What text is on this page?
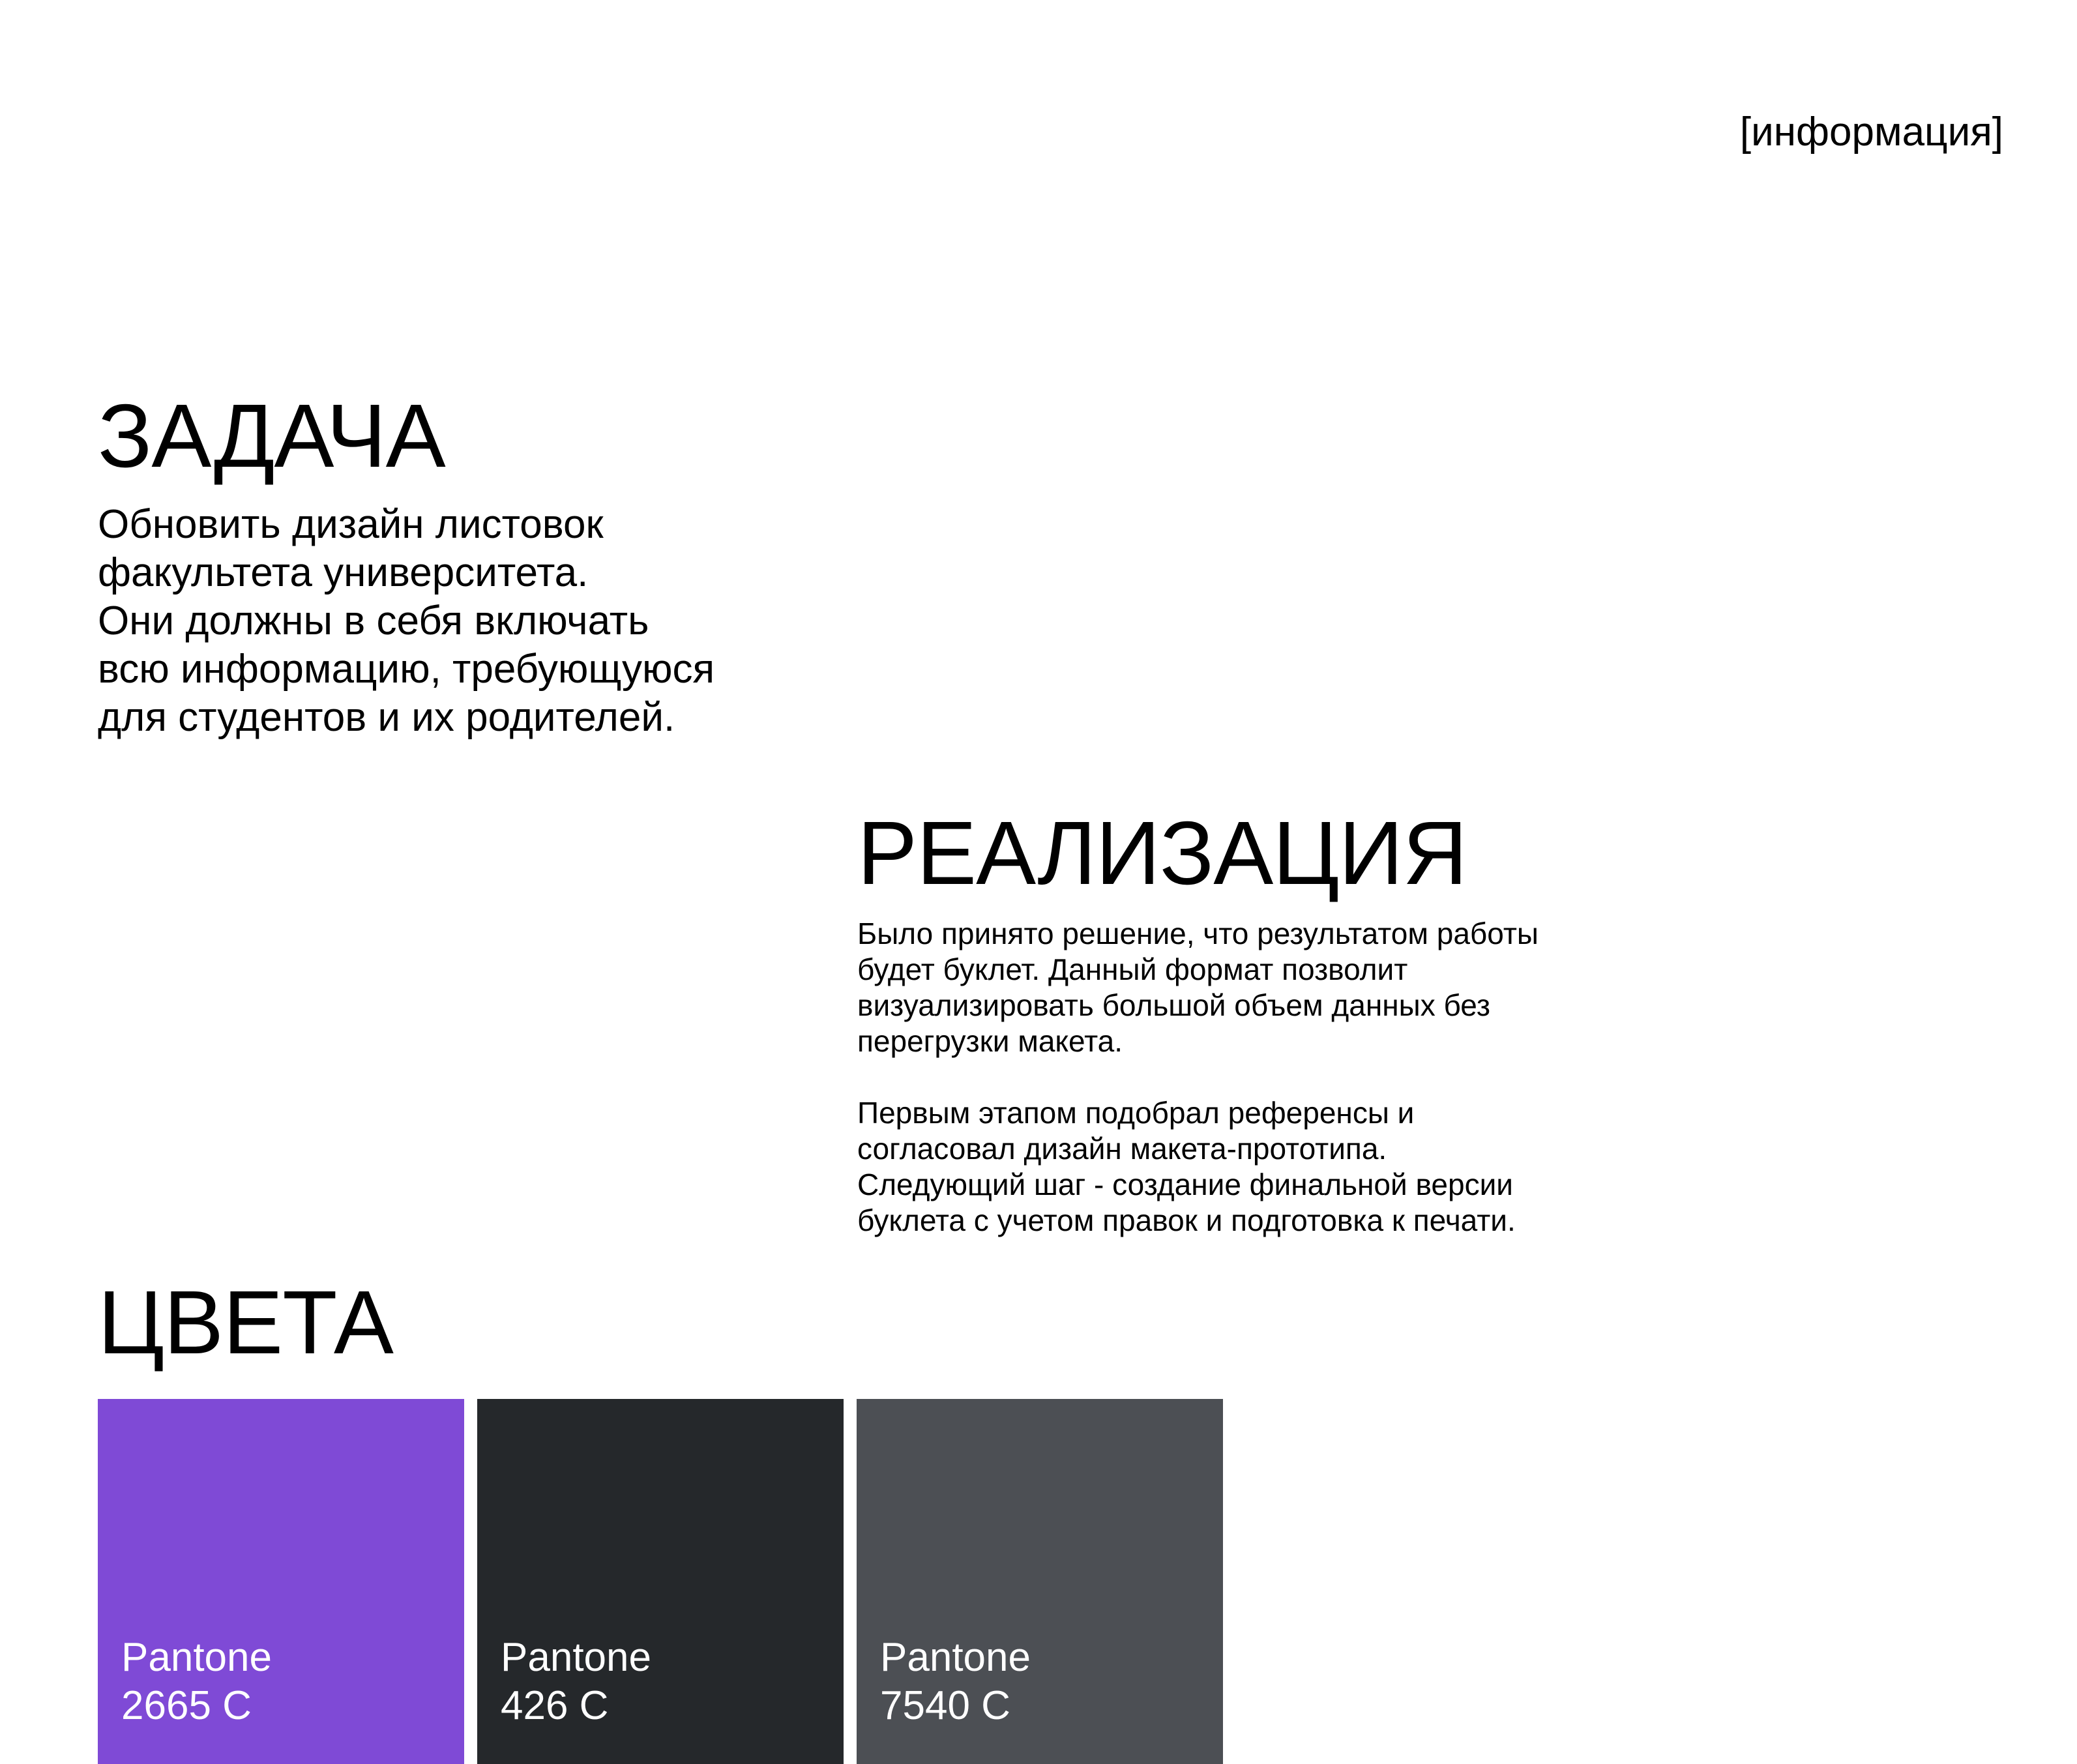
[информация]
ЗАДАЧА
Обновить дизайн листовок
факультета университета.
Они должны в себя включать
всю информацию, требующуюся
для студентов и их родителей.
РЕАЛИЗАЦИЯ
Было принято решение, что результатом работы
будет буклет. Данный формат позволит
визуализировать большой объем данных без
перегрузки макета.
Первым этапом подобрал референсы и
согласовал дизайн макета-прототипа.
Следующий шаг - создание финальной версии
буклета с учетом правок и подготовка к печати.
ЦВЕТА
Pantone
2665 C
Pantone
426 C
Pantone
7540 C
